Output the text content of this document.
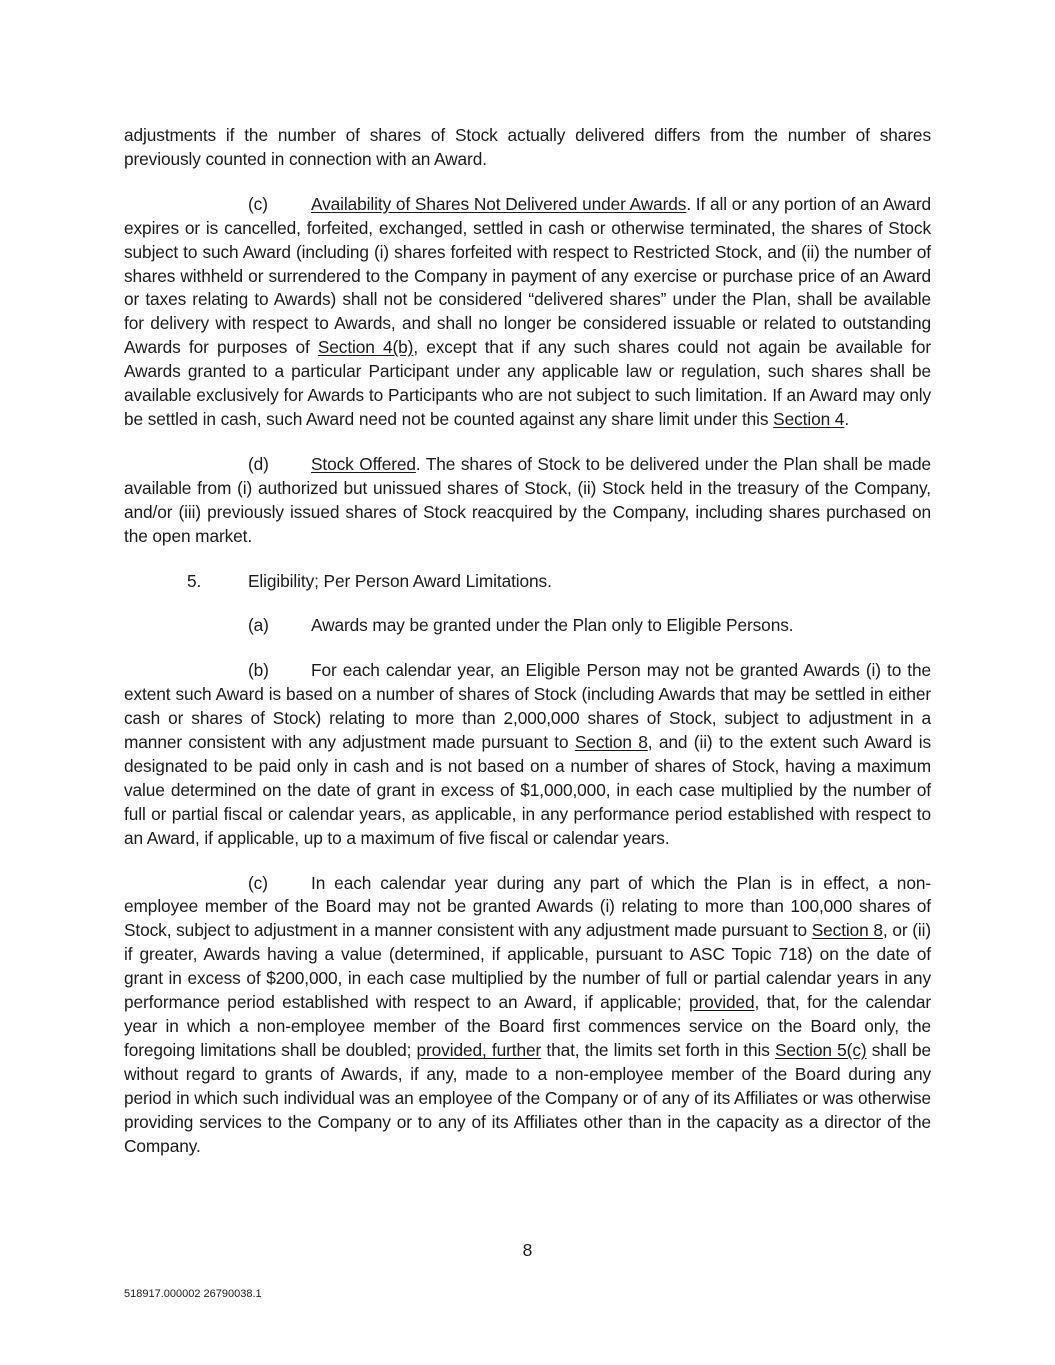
adjustments if the number of shares of Stock actually delivered differs from the number of shares previously counted in connection with an Award.

(c) Availability of Shares Not Delivered under Awards. If all or any portion of an Award expires or is cancelled, forfeited, exchanged, settled in cash or otherwise terminated, the shares of Stock subject to such Award (including (i) shares forfeited with respect to Restricted Stock, and (ii) the number of shares withheld or surrendered to the Company in payment of any exercise or purchase price of an Award or taxes relating to Awards) shall not be considered “delivered shares” under the Plan, shall be available for delivery with respect to Awards, and shall no longer be considered issuable or related to outstanding Awards for purposes of Section 4(b), except that if any such shares could not again be available for Awards granted to a particular Participant under any applicable law or regulation, such shares shall be available exclusively for Awards to Participants who are not subject to such limitation. If an Award may only be settled in cash, such Award need not be counted against any share limit under this Section 4.

(d) Stock Offered. The shares of Stock to be delivered under the Plan shall be made available from (i) authorized but unissued shares of Stock, (ii) Stock held in the treasury of the Company, and/or (iii) previously issued shares of Stock reacquired by the Company, including shares purchased on the open market.

5.	Eligibility; Per Person Award Limitations.

(a) Awards may be granted under the Plan only to Eligible Persons.

(b) For each calendar year, an Eligible Person may not be granted Awards (i) to the extent such Award is based on a number of shares of Stock (including Awards that may be settled in either cash or shares of Stock) relating to more than 2,000,000 shares of Stock, subject to adjustment in a manner consistent with any adjustment made pursuant to Section 8, and (ii) to the extent such Award is designated to be paid only in cash and is not based on a number of shares of Stock, having a maximum value determined on the date of grant in excess of $1,000,000, in each case multiplied by the number of full or partial fiscal or calendar years, as applicable, in any performance period established with respect to an Award, if applicable, up to a maximum of five fiscal or calendar years.

(c) In each calendar year during any part of which the Plan is in effect, a non-employee member of the Board may not be granted Awards (i) relating to more than 100,000 shares of Stock, subject to adjustment in a manner consistent with any adjustment made pursuant to Section 8, or (ii) if greater, Awards having a value (determined, if applicable, pursuant to ASC Topic 718) on the date of grant in excess of $200,000, in each case multiplied by the number of full or partial calendar years in any performance period established with respect to an Award, if applicable; provided, that, for the calendar year in which a non-employee member of the Board first commences service on the Board only, the foregoing limitations shall be doubled; provided, further that, the limits set forth in this Section 5(c) shall be without regard to grants of Awards, if any, made to a non-employee member of the Board during any period in which such individual was an employee of the Company or of any of its Affiliates or was otherwise providing services to the Company or to any of its Affiliates other than in the capacity as a director of the Company.

8
518917.000002 26790038.1
